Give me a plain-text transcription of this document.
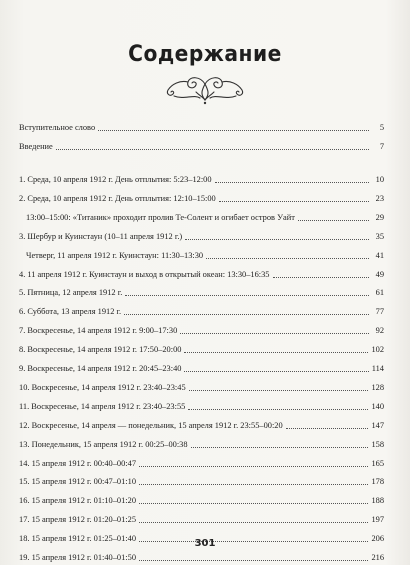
Содержание
Вступительное слово	5
Введение	7
1. Среда, 10 апреля 1912 г. День отплытия: 5:23–12:00	10
2. Среда, 10 апреля 1912 г. День отплытия: 12:10–15:00	23
13:00–15:00: «Титаник» проходит пролив Те-Солент и огибает остров Уайт	29
3. Шербур и Куинстаун (10–11 апреля 1912 г.)	35
Четверг, 11 апреля 1912 г. Куинстаун: 11:30–13:30	41
4. 11 апреля 1912 г. Куинстаун и выход в открытый океан: 13:30–16:35	49
5. Пятница, 12 апреля 1912 г.	61
6. Суббота, 13 апреля 1912 г.	77
7. Воскресенье, 14 апреля 1912 г. 9:00–17:30	92
8. Воскресенье, 14 апреля 1912 г. 17:50–20:00	102
9. Воскресенье, 14 апреля 1912 г. 20:45–23:40	114
10. Воскресенье, 14 апреля 1912 г. 23:40–23:45	128
11. Воскресенье, 14 апреля 1912 г. 23:40–23:55	140
12. Воскресенье, 14 апреля — понедельник, 15 апреля 1912 г. 23:55–00:20	147
13. Понедельник, 15 апреля 1912 г. 00:25–00:38	158
14. 15 апреля 1912 г. 00:40–00:47	165
15. 15 апреля 1912 г. 00:47–01:10	178
16. 15 апреля 1912 г. 01:10–01:20	188
17. 15 апреля 1912 г. 01:20–01:25	197
18. 15 апреля 1912 г. 01:25–01:40	206
19. 15 апреля 1912 г. 01:40–01:50	216
301
